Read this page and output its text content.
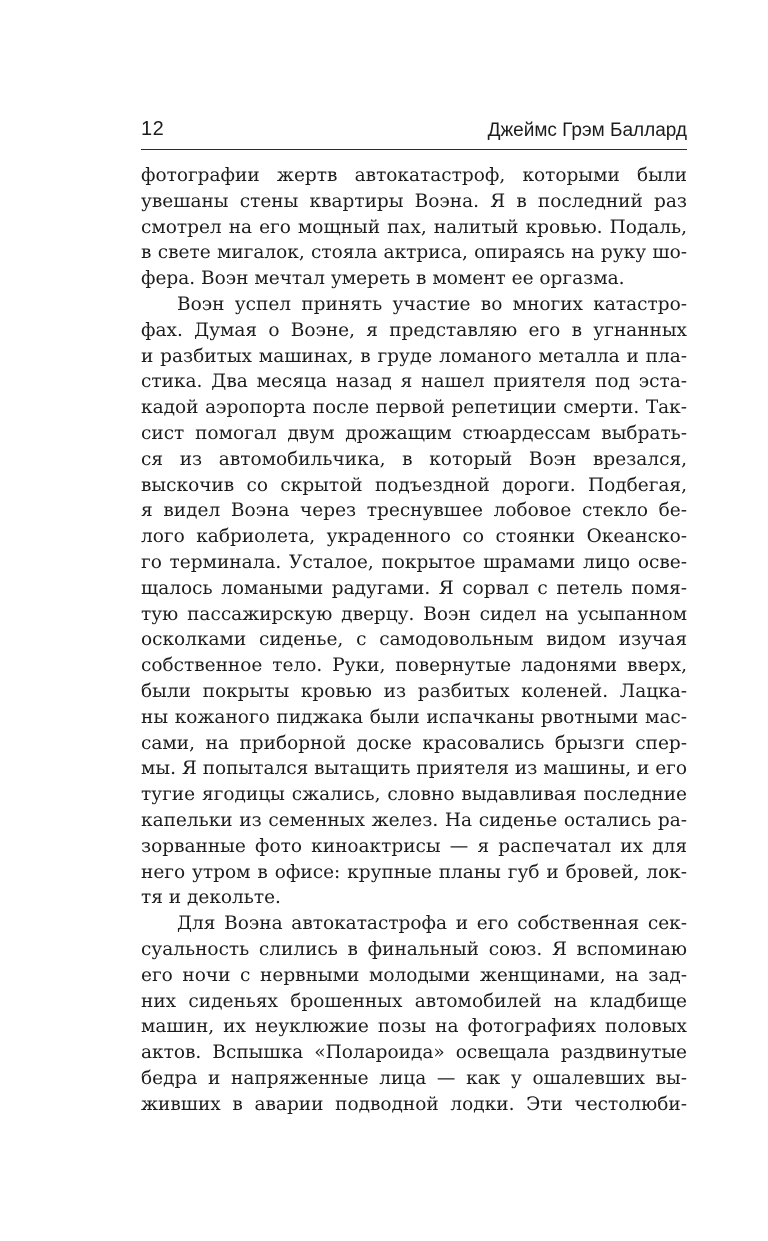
12	Джеймс Грэм Баллард

фотографии жертв автокатастроф, которыми были
увешаны стены квартиры Воэна. Я в последний раз
смотрел на его мощный пах, налитый кровью. Подаль,
в свете мигалок, стояла актриса, опираясь на руку шо-
фера. Воэн мечтал умереть в момент ее оргазма.

Воэн успел принять участие во многих катастро-
фах. Думая о Воэне, я представляю его в угнанных
и разбитых машинах, в груде ломаного металла и пла-
стика. Два месяца назад я нашел приятеля под эста-
кадой аэропорта после первой репетиции смерти. Так-
сист помогал двум дрожащим стюардессам выбрать-
ся из автомобильчика, в который Воэн врезался,
выскочив со скрытой подъездной дороги. Подбегая,
я видел Воэна через треснувшее лобовое стекло бе-
лого кабриолета, украденного со стоянки Океанско-
го терминала. Усталое, покрытое шрамами лицо осве-
щалось ломаными радугами. Я сорвал с петель помя-
тую пассажирскую дверцу. Воэн сидел на усыпанном
осколками сиденье, с самодовольным видом изучая
собственное тело. Руки, повернутые ладонями вверх,
были покрыты кровью из разбитых коленей. Лацка-
ны кожаного пиджака были испачканы рвотными мас-
сами, на приборной доске красовались брызги спер-
мы. Я попытался вытащить приятеля из машины, и его
тугие ягодицы сжались, словно выдавливая последние
капельки из семенных желез. На сиденье остались ра-
зорванные фото киноактрисы — я распечатал их для
него утром в офисе: крупные планы губ и бровей, лок-
тя и декольте.

Для Воэна автокатастрофа и его собственная сек-
суальность слились в финальный союз. Я вспоминаю
его ночи с нервными молодыми женщинами, на зад-
них сиденьях брошенных автомобилей на кладбище
машин, их неуклюжие позы на фотографиях половых
актов. Вспышка «Полароида» освещала раздвинутые
бедра и напряженные лица — как у ошалевших вы-
живших в аварии подводной лодки. Эти честолюби-
